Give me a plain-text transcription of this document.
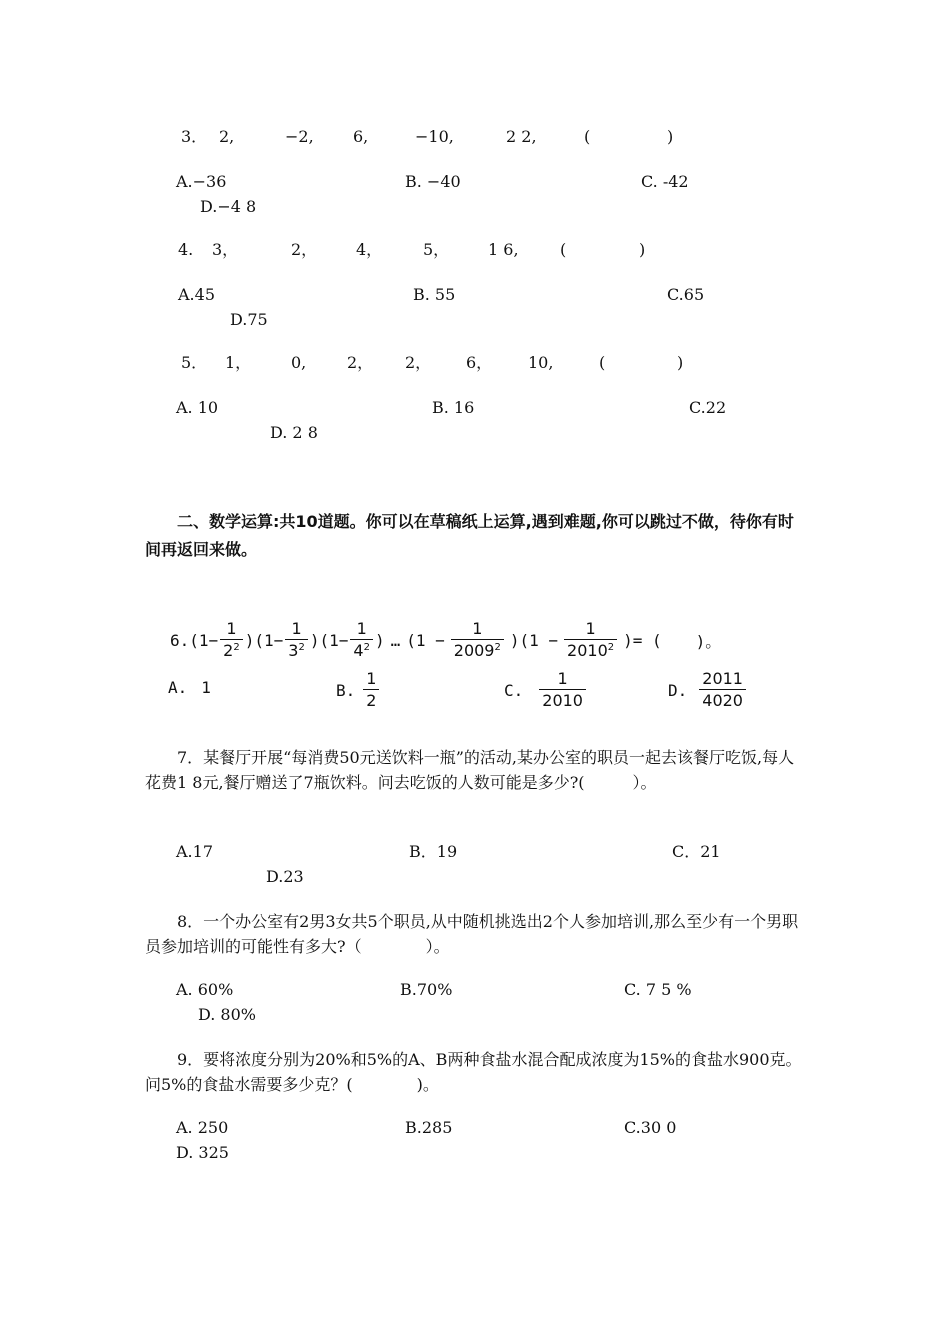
3． 2,	−2, 6,	−10,	2 2,	(	)
A.−36	B. −40	C. -42
D.−4 8
4. 3，	2， 4，	5， 1 6,	(	)
A.45	B. 55	C.65
D.75
5． 1， 0,	2， 2， 6， 10,	(	)
A. 10	B. 16	C.22
D. 2 8
二、数学运算:共10道题。你可以在草稿纸上运算,遇到难题,你可以跳过不做，待你有时间再返回来做。
6. ($1- \frac{1}{2^2}$ ) ($1- \frac{1}{3^2}$ ) ($1- \frac{1}{4^2}$ ) … ($1 - \frac{1}{2009^2}$ ) ($1 - \frac{1}{2010^2}$ ) = ( )。
A. 1	B. $\frac{1}{2}$	C. $\frac{1}{2010}$	D. $\frac{2011}{4020}$
7．某餐厅开展“每消费50元送饮料一瓶”的活动,某办公室的职员一起去该餐厅吃饭,每人花费1 8元,餐厅赠送了7瓶饮料。问去吃饭的人数可能是多少?(　　　）。
A.17	B．19	C．21
D.23
8．一个办公室有2男3女共5个职员,从中随机挑选出2个人参加培训,那么至少有一个男职员参加培训的可能性有多大?（　　　　）。
A. 60%	B.70%	C. 7 5 %
D. 80%
9．要将浓度分别为20%和5%的A、B两种食盐水混合配成浓度为15%的食盐水900克。问5%的食盐水需要多少克？(　　　　)。
A. 250	B.285	C.30 0
D. 325
